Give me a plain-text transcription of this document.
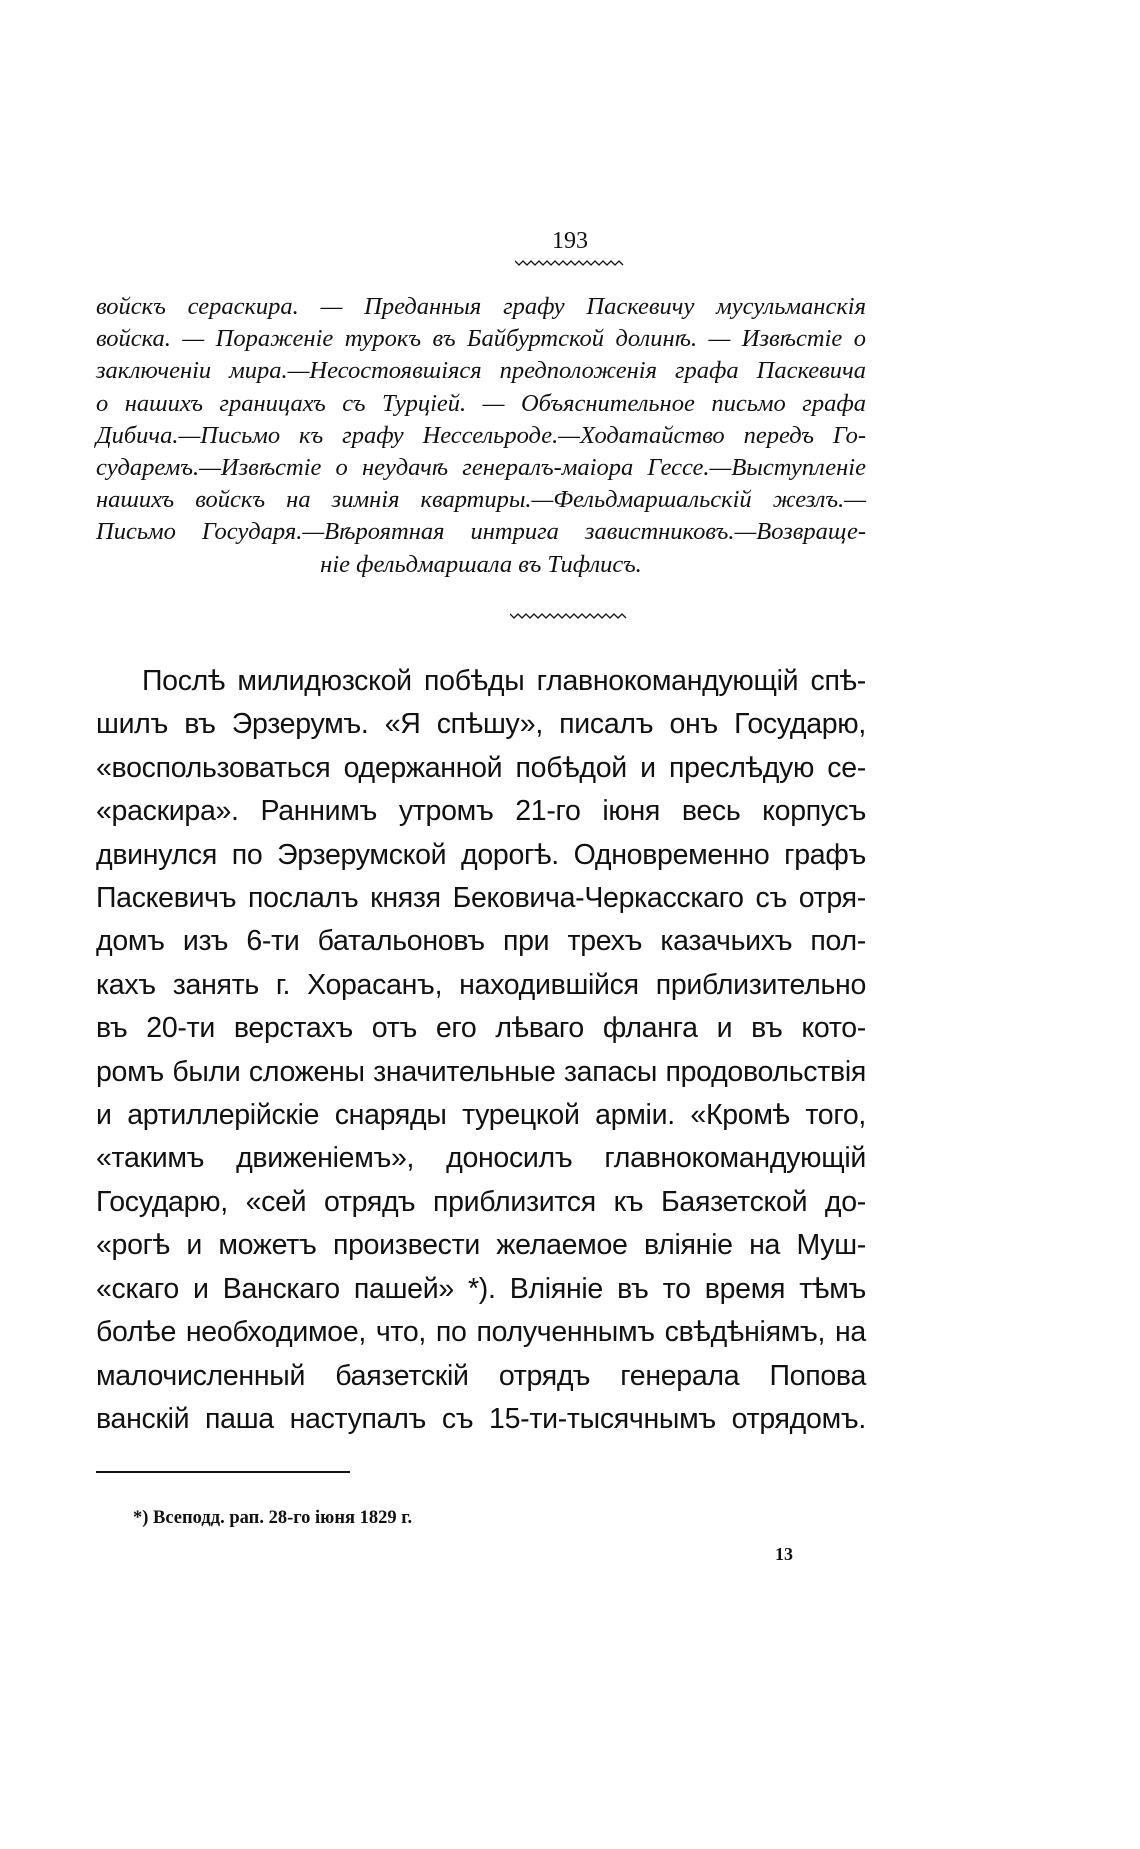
193
войскъ сераскира. — Преданныя графу Паскевичу мусульманскія
войска. — Пораженіе турокъ въ Байбуртской долинѣ. — Извѣстіе о
заключеніи мира.—Несостоявшіяся предположенія графа Паскевича
о нашихъ границахъ съ Турціей. — Объяснительное письмо графа
Дибича.—Письмо къ графу Нессельроде.—Ходатайство передъ Го-
сударемъ.—Извѣстіе о неудачѣ генералъ-маіора Гессе.—Выступленіе
нашихъ войскъ на зимнія квартиры.—Фельдмаршальскій жезлъ.—
Письмо Государя.—Вѣроятная интрига завистниковъ.—Возвраще-
ніе фельдмаршала въ Тифлисъ.
Послѣ милидюзской побѣды главнокомандующій спѣ-
шилъ въ Эрзерумъ. «Я спѣшу», писалъ онъ Государю,
«воспользоваться одержанной побѣдой и преслѣдую се-
«раскира». Раннимъ утромъ 21-го іюня весь корпусъ
двинулся по Эрзерумской дорогѣ. Одновременно графъ
Паскевичъ послалъ князя Бековича-Черкасскаго съ отря-
домъ изъ 6-ти батальоновъ при трехъ казачьихъ пол-
кахъ занять г. Хорасанъ, находившійся приблизительно
въ 20-ти верстахъ отъ его лѣваго фланга и въ кото-
ромъ были сложены значительные запасы продовольствія
и артиллерійскіе снаряды турецкой арміи. «Кромѣ того,
«такимъ движеніемъ», доносилъ главнокомандующій
Государю, «сей отрядъ приблизится къ Баязетской до-
«рогѣ и можетъ произвести желаемое вліяніе на Муш-
«скаго и Ванскаго пашей» *). Вліяніе въ то время тѣмъ
болѣе необходимое, что, по полученнымъ свѣдѣніямъ, на
малочисленный баязетскій отрядъ генерала Попова
ванскій паша наступалъ съ 15-ти-тысячнымъ отрядомъ.
*) Всеподд. рап. 28-го іюня 1829 г.
13
